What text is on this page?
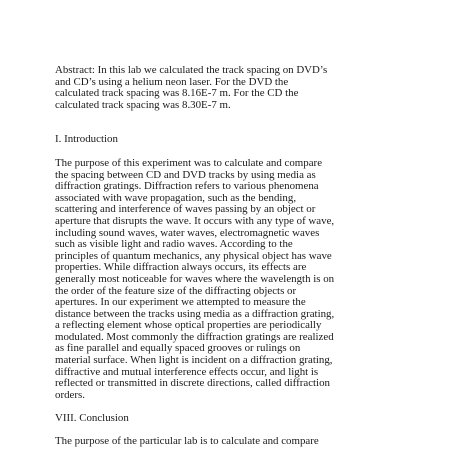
Abstract: In this lab we calculated the track spacing on DVD’s
and CD’s using a helium neon laser. For the DVD the
calculated track spacing was 8.16E-7 m. For the CD the
calculated track spacing was 8.30E-7 m.
I. Introduction
The purpose of this experiment was to calculate and compare
the spacing between CD and DVD tracks by using media as
diffraction gratings. Diffraction refers to various phenomena
associated with wave propagation, such as the bending,
scattering and interference of waves passing by an object or
aperture that disrupts the wave. It occurs with any type of wave,
including sound waves, water waves, electromagnetic waves
such as visible light and radio waves. According to the
principles of quantum mechanics, any physical object has wave
properties. While diffraction always occurs, its effects are
generally most noticeable for waves where the wavelength is on
the order of the feature size of the diffracting objects or
apertures. In our experiment we attempted to measure the
distance between the tracks using media as a diffraction grating,
a reflecting element whose optical properties are periodically
modulated. Most commonly the diffraction gratings are realized
as fine parallel and equally spaced grooves or rulings on
material surface. When light is incident on a diffraction grating,
diffractive and mutual interference effects occur, and light is
reflected or transmitted in discrete directions, called diffraction
orders.
VIII. Conclusion
The purpose of the particular lab is to calculate and compare
